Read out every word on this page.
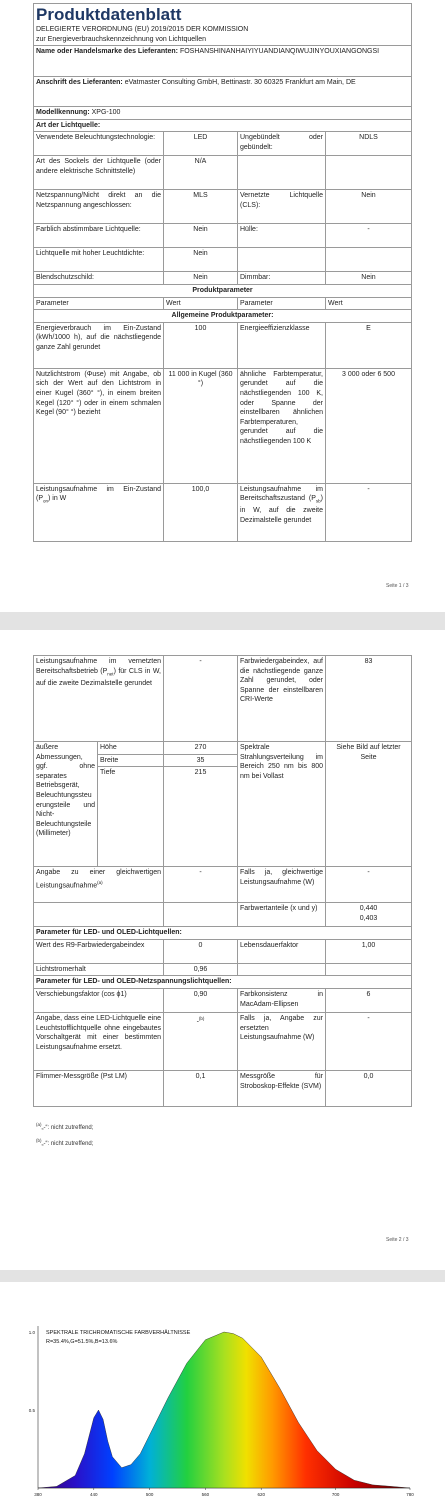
Produktdatenblatt
DELEGIERTE VERORDNUNG (EU) 2019/2015 DER KOMMISSION zur Energieverbrauchskennzeichnung von Lichtquellen			

Name oder Handelsmarke des Lieferanten: FOSHANSHINANHAIYIYUANDIANQIWUJINYOUXIANGONGSI			
Anschrift des Lieferanten: eVatmaster Consulting GmbH, Bettinastr. 30 60325 Frankfurt am Main, DE			
Modellkennung: XPG-100			
Art der Lichtquelle:			
Verwendete Beleuchtungstechnologie:	LED	Ungebündelt oder gebündelt:	NDLS
Art des Sockels der Lichtquelle (oder andere elektrische Schnittstelle)	N/A		
Netzspannung/Nicht direkt an die Netzspannung angeschlossen:	MLS	Vernetzte Lichtquelle (CLS):	Nein
Farblich abstimmbare Lichtquelle:	Nein	Hülle:	-
Lichtquelle mit hoher Leuchtdichte:	Nein		
Blendschutzschild:	Nein	Dimmbar:	Nein
Produktparameter			
Parameter	Wert	Parameter	Wert
Allgemeine Produktparameter:			
Energieverbrauch im Ein-Zustand (kWh/1000 h), auf die nächstliegende ganze Zahl gerundet	100	Energieeffizienzklasse	E
Nutzlichtstrom (Φuse) mit Angabe, ob sich der Wert auf den Lichtstrom in einer Kugel (360° °), in einem breiten Kegel (120° °) oder in einem schmalen Kegel (90° °) bezieht	11 000 in Kugel (360 °)	ähnliche Farbtemperatur, gerundet auf die nächstliegenden 100 K, oder Spanne der einstellbaren ähnlichen Farbtemperaturen, gerundet auf die nächstliegenden 100 K	3 000 oder 6 500
Leistungsaufnahme im Ein-Zustand $(P_{on})$ in W	100,0	Leistungsaufnahme im Bereitschaftszustand $(P_{sb})$ in W, auf die zweite Dezimalstelle gerundet	-
Seite 1 / 3
Leistungsaufnahme im vernetzten Bereitschaftsbetrieb $(P_{net})$ für CLS in W, auf die zweite Dezimalstelle gerundet		-	Farbwiedergabeindex, auf die nächstliegende ganze Zahl gerundet, oder Spanne der einstellbaren CRI-Werte	83
äußere Abmessungen, ggf. ohne separates Betriebsgerät, Beleuchtungssteuerungsteile und Nicht-Beleuchtungsteile (Millimeter)	Höhe	270	Spektrale Strahlungsverteilung im Bereich 250 nm bis 800 nm bei Vollast	Siehe Bild auf letzter Seite
	Breite	35		
	Tiefe	215		
Angabe zu einer gleichwertigen Leistungsaufnahme$^{(a)}$		-	Falls ja, gleichwertige Leistungsaufnahme (W)	-
			Farbwertanteile (x und y)	0,440
0,403

Parameter für LED- und OLED-Lichtquellen:				
Wert des R9-Farbwiedergabeindex		0	Lebensdauerfaktor	1,00
Lichtstromerhalt		0,96		
Parameter für LED- und OLED-Netzspannungslichtquellen:				
Verschiebungsfaktor (cos ϕ1)		0,90	Farbkonsistenz in MacAdam-Ellipsen	6
Angabe, dass eine LED-Lichtquelle eine Leuchtstofflichtquelle ohne eingebautes Vorschaltgerät mit einer bestimmten Leistungsaufnahme ersetzt.		-$^{(b)}$	Falls ja, Angabe zur ersetzten Leistungsaufnahme (W)	-
Flimmer-Messgröße (Pst LM)		0,1	Messgröße für Stroboskop-Effekte (SVM)	0,0
$^{(a)}$„-“: nicht zutreffend;
$^{(b)}$„-“: nicht zutreffend;
Seite 2 / 3
380	440	500	560	620	700	780
1.0
0.5
SPEKTRALE TRICHROMATISCHE FARBVERHÄLTNISSE
R=35.4%,G=51.5%,B=13.6%
